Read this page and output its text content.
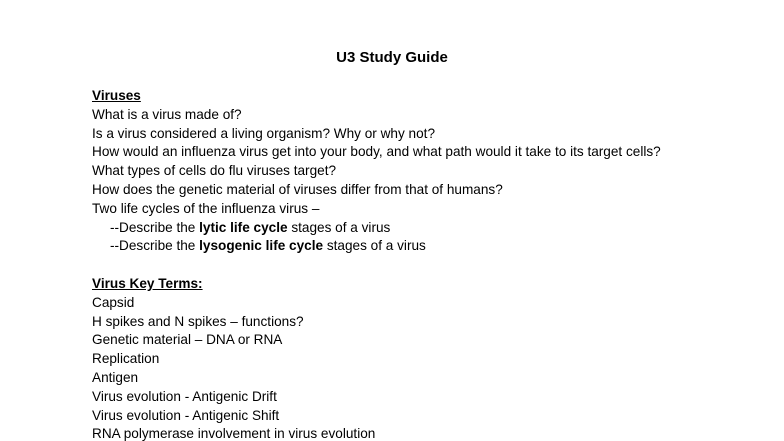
U3 Study Guide
Viruses
What is a virus made of?
Is a virus considered a living organism? Why or why not?
How would an influenza virus get into your body, and what path would it take to its target cells?
What types of cells do flu viruses target?
How does the genetic material of viruses differ from that of humans?
Two life cycles of the influenza virus –
--Describe the lytic life cycle stages of a virus
--Describe the lysogenic life cycle stages of a virus
Virus Key Terms:
Capsid
H spikes and N spikes – functions?
Genetic material – DNA or RNA
Replication
Antigen
Virus evolution - Antigenic Drift
Virus evolution - Antigenic Shift
RNA polymerase involvement in virus evolution
